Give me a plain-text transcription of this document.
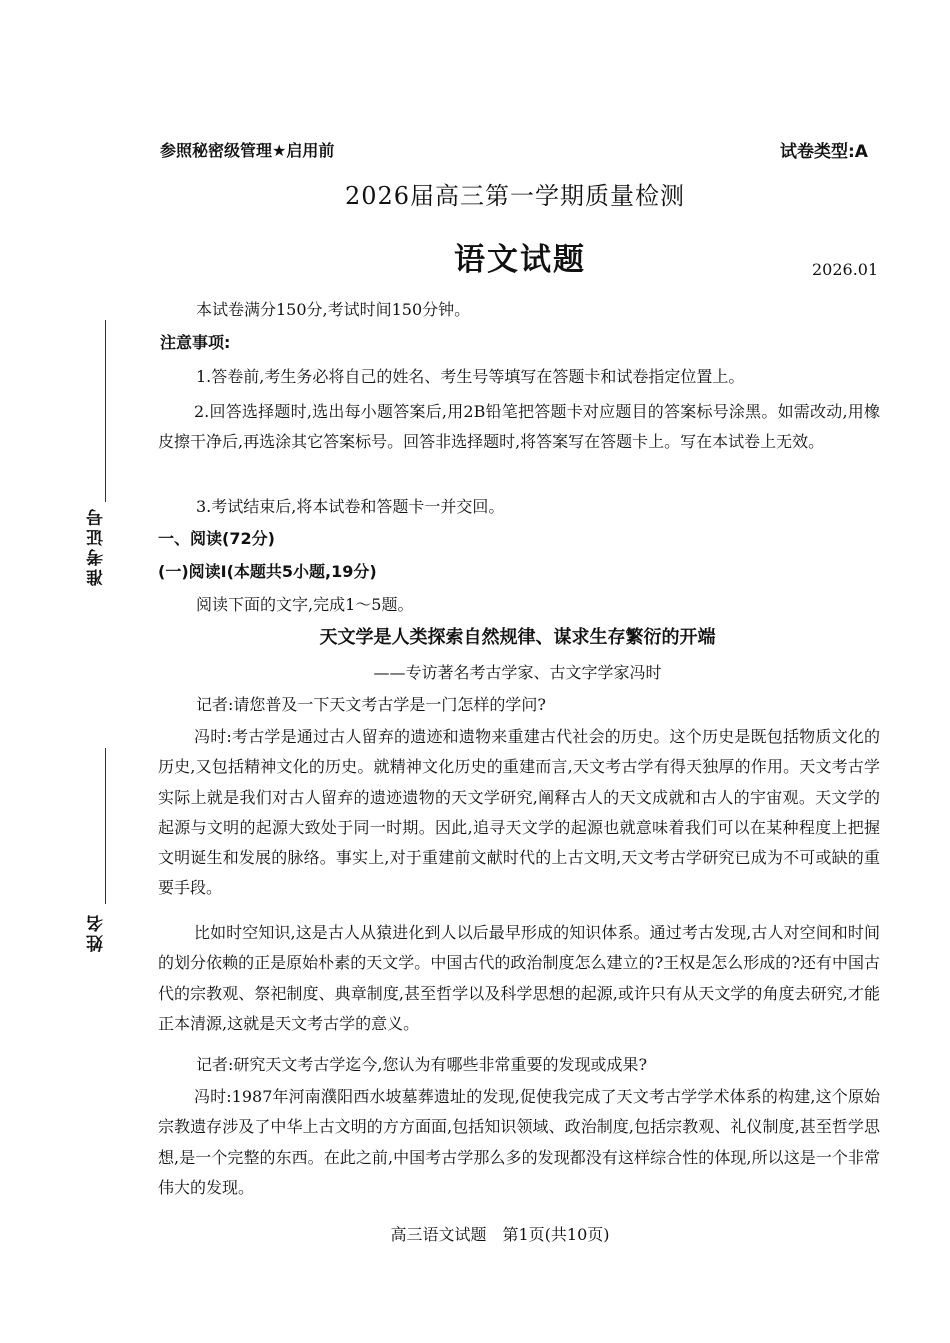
参照秘密级管理★启用前	试卷类型:A
2026届高三第一学期质量检测
语文试题	2026.01
准考证号
姓名
本试卷满分150分,考试时间150分钟。
注意事项:
1.答卷前,考生务必将自己的姓名、考生号等填写在答题卡和试卷指定位置上。
2.回答选择题时,选出每小题答案后,用2B铅笔把答题卡对应题目的答案标号涂黑。如需改动,用橡皮擦干净后,再选涂其它答案标号。回答非选择题时,将答案写在答题卡上。写在本试卷上无效。
3.考试结束后,将本试卷和答题卡一并交回。
一、阅读(72分)
(一)阅读Ⅰ(本题共5小题,19分)
阅读下面的文字,完成1～5题。
天文学是人类探索自然规律、谋求生存繁衍的开端
——专访著名考古学家、古文字学家冯时
记者:请您普及一下天文考古学是一门怎样的学问?
冯时:考古学是通过古人留弃的遗迹和遗物来重建古代社会的历史。这个历史是既包括物质文化的历史,又包括精神文化的历史。就精神文化历史的重建而言,天文考古学有得天独厚的作用。天文考古学实际上就是我们对古人留弃的遗迹遗物的天文学研究,阐释古人的天文成就和古人的宇宙观。天文学的起源与文明的起源大致处于同一时期。因此,追寻天文学的起源也就意味着我们可以在某种程度上把握文明诞生和发展的脉络。事实上,对于重建前文献时代的上古文明,天文考古学研究已成为不可或缺的重要手段。
比如时空知识,这是古人从猿进化到人以后最早形成的知识体系。通过考古发现,古人对空间和时间的划分依赖的正是原始朴素的天文学。中国古代的政治制度怎么建立的?王权是怎么形成的?还有中国古代的宗教观、祭祀制度、典章制度,甚至哲学以及科学思想的起源,或许只有从天文学的角度去研究,才能正本清源,这就是天文考古学的意义。
记者:研究天文考古学迄今,您认为有哪些非常重要的发现或成果?
冯时:1987年河南濮阳西水坡墓葬遗址的发现,促使我完成了天文考古学学术体系的构建,这个原始宗教遗存涉及了中华上古文明的方方面面,包括知识领域、政治制度,包括宗教观、礼仪制度,甚至哲学思想,是一个完整的东西。在此之前,中国考古学那么多的发现都没有这样综合性的体现,所以这是一个非常伟大的发现。
高三语文试题　第1页(共10页)
